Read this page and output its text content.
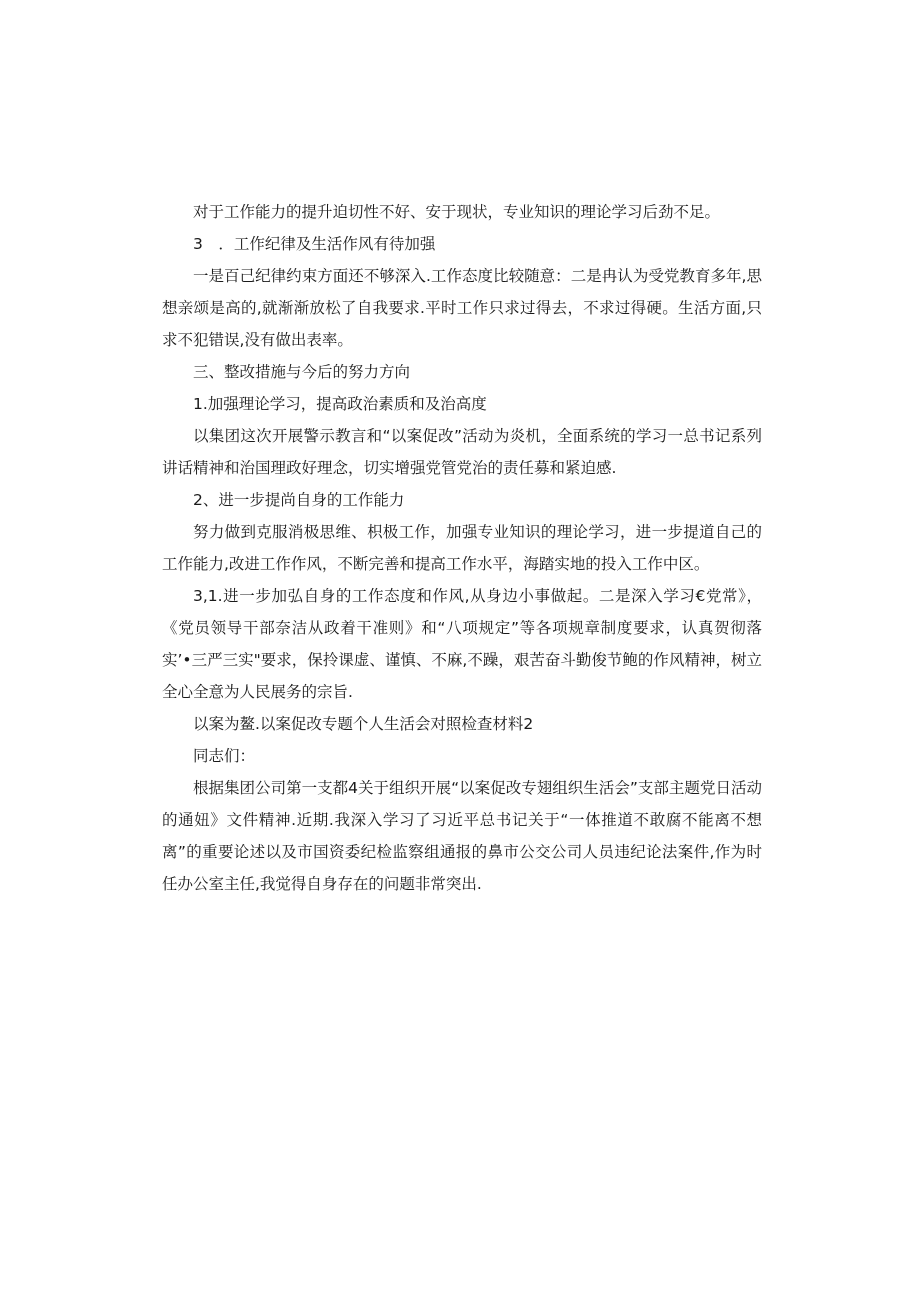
对于工作能力的提升迫切性不好、安于现状，专业知识的理论学习后劲不足。

3　．工作纪律及生活作风有待加强

一是百己纪律约束方面还不够深入.工作态度比较随意：二是冉认为受党教育多年,思想亲颂是高的,就渐渐放松了自我要求.平时工作只求过得去，不求过得硬。生活方面,只求不犯错误,没有做出表率。

三、整改措施与今后的努力方向

1.加强理论学习，提高政治素质和及治高度

以集团这次开展警示教言和“以案促改”活动为炎机，全面系统的学习一总书记系列讲话精神和治国理政好理念，切实增强党管党治的责任募和紧迫感.

2、进一步提尚自身的工作能力

努力做到克服消极思维、枳极工作，加强专业知识的理论学习，进一步提道自己的工作能力,改进工作作风，不断完善和提高工作水平，海踏实地的投入工作中区。

3,1.进一步加弘自身的工作态度和作风,从身边小事做起。二是深入学习€党常》，《党员领导干部奈洁从政着干准则》和“八项规定”等各项规章制度要求，认真贺彻落实’•三严三实"要求，保拎课虚、谨慎、不麻,不躁，艰苦奋斗勤俊节鲍的作风精神，树立全心全意为人民展务的宗旨.

以案为鳌.以案促改专题个人生活会对照检查材料2

同志们：

根据集团公司第一支都4关于组织开展“以案促改专翅组织生活会”支部主题党日活动的通妞》文件精神.近期.我深入学习了习近平总书记关于“一体推道不敢腐不能离不想离”的重要论述以及市国资委纪检监察组通报的鼻市公交公司人员违纪论法案件,作为时任办公室主任,我觉得自身存在的问题非常突出.
